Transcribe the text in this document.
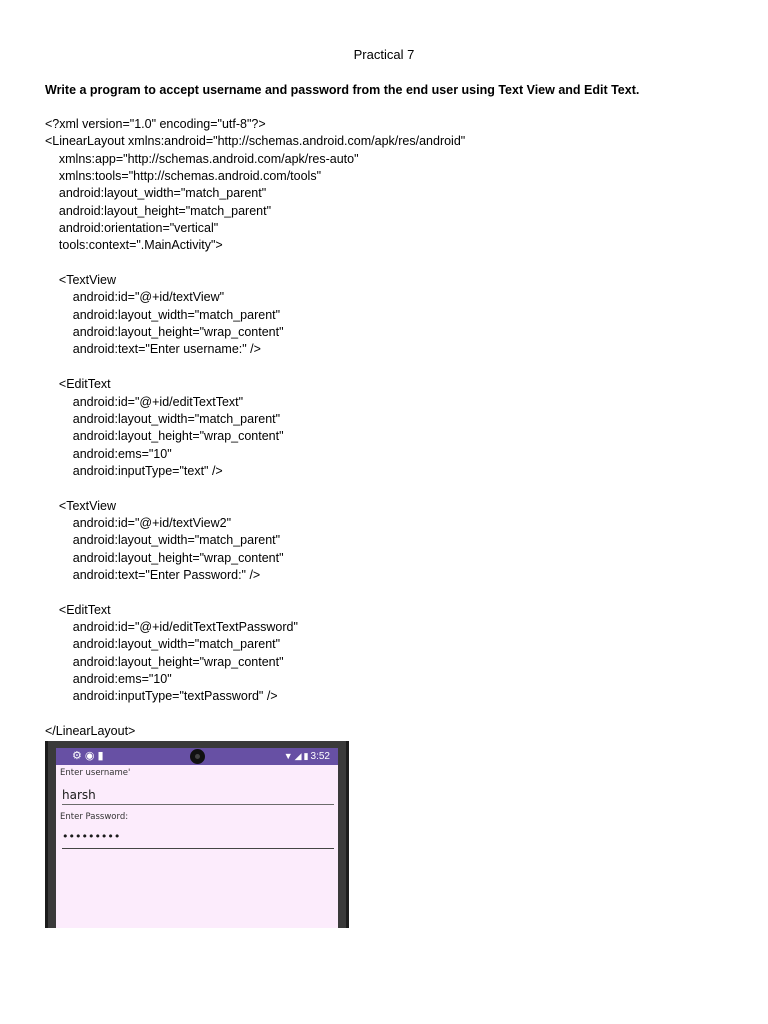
Practical 7
Write a program to accept username and password from the end user using Text View and Edit Text.
<?xml version="1.0" encoding="utf-8"?>
<LinearLayout xmlns:android="http://schemas.android.com/apk/res/android"
xmlns:app="http://schemas.android.com/apk/res-auto"
xmlns:tools="http://schemas.android.com/tools"
android:layout_width="match_parent"
android:layout_height="match_parent"
android:orientation="vertical"
tools:context=".MainActivity">
<TextView
android:id="@+id/textView"
android:layout_width="match_parent"
android:layout_height="wrap_content"
android:text="Enter username:" />
<EditText
android:id="@+id/editTextText"
android:layout_width="match_parent"
android:layout_height="wrap_content"
android:ems="10"
android:inputType="text" />
<TextView
android:id="@+id/textView2"
android:layout_width="match_parent"
android:layout_height="wrap_content"
android:text="Enter Password:" />
<EditText
android:id="@+id/editTextTextPassword"
android:layout_width="match_parent"
android:layout_height="wrap_content"
android:ems="10"
android:inputType="textPassword" />
</LinearLayout>
⚙◉▮	▼ ◢ ▮ 3:52
Enter username'
harsh
Enter Password:
•••••••••
